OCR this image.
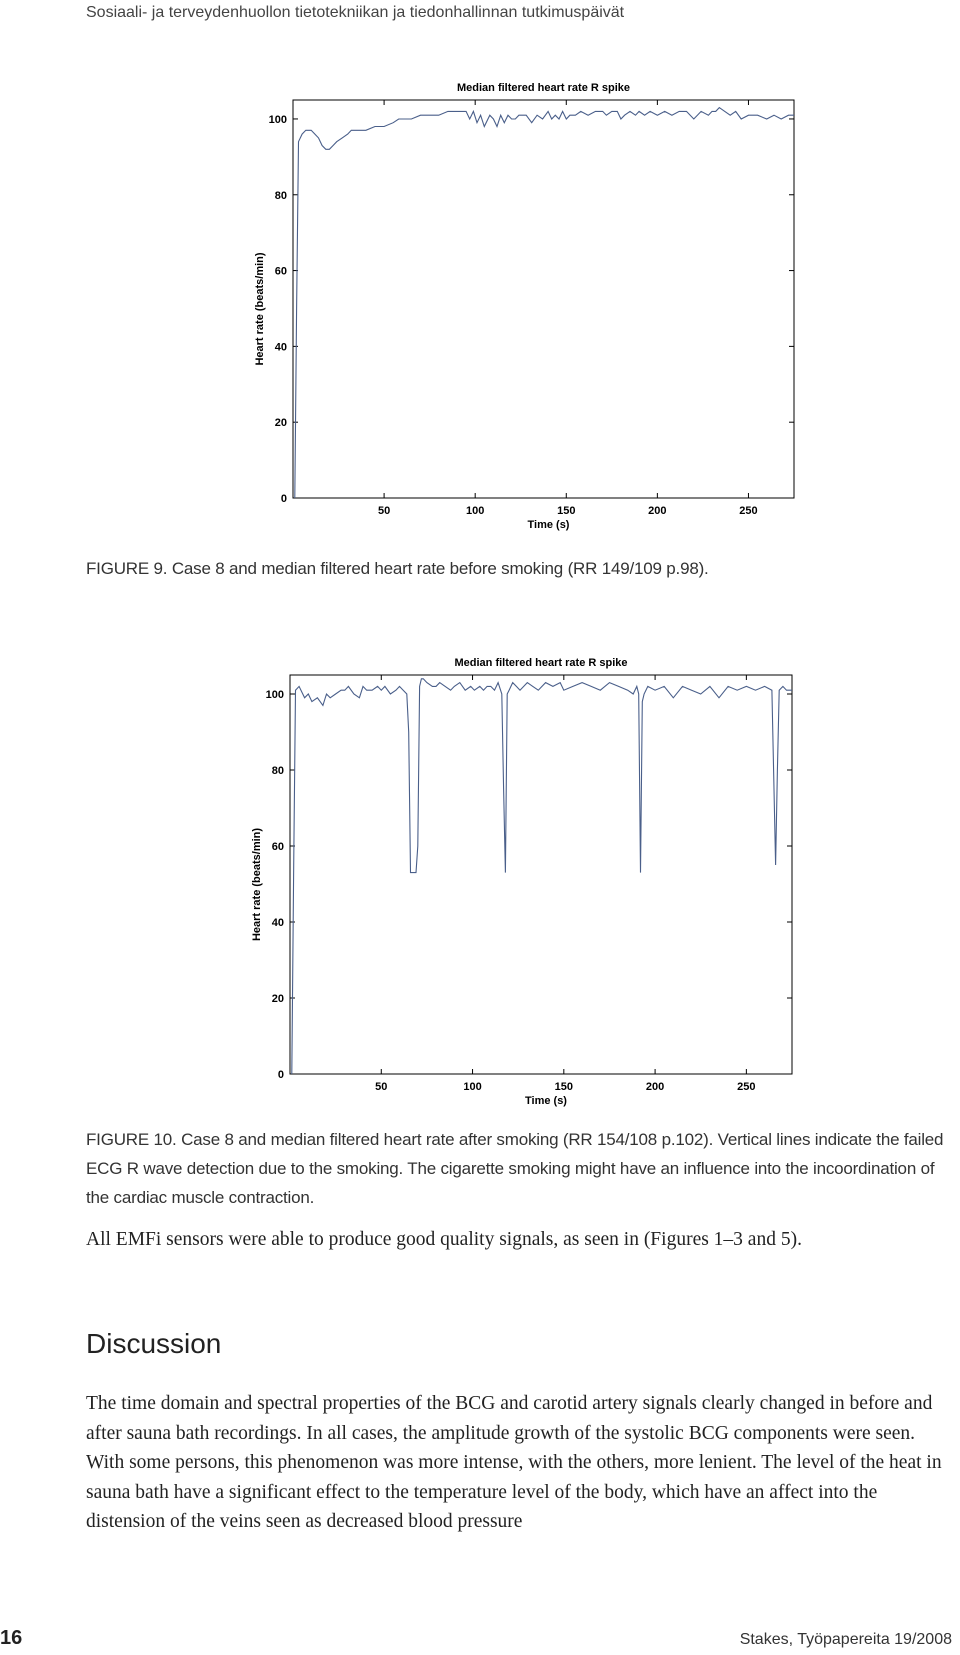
Sosiaali- ja terveydenhuollon tietotekniikan ja tiedonhallinnan tutkimuspäivät
Median filtered heart rate R spike
0
20
40
60
80
100
50	100	150	200	250
Time (s)
Heart rate (beats/min)
FIGURE 9. Case 8 and median filtered heart rate before smoking (RR 149/109 p.98).
Median filtered heart rate R spike
0
20
40
60
80
100
50	100	150	200	250
Time (s)
Heart rate (beats/min)
FIGURE 10. Case 8 and median filtered heart rate after smoking (RR 154/108 p.102). Vertical lines indicate the failed ECG R wave detection due to the smoking. The cigarette smoking might have an influence into the incoordination of the cardiac muscle contraction.
All EMFi sensors were able to produce good quality signals, as seen in (Figures 1–3 and 5).
Discussion
The time domain and spectral properties of the BCG and carotid artery signals clearly changed in before and after sauna bath recordings. In all cases, the amplitude growth of the systolic BCG components were seen. With some persons, this phenomenon was more intense, with the others, more lenient. The level of the heat in sauna bath have a significant effect to the temperature level of the body, which have an affect into the distension of the veins seen as decreased blood pressure
16	Stakes, Työpapereita 19/2008
